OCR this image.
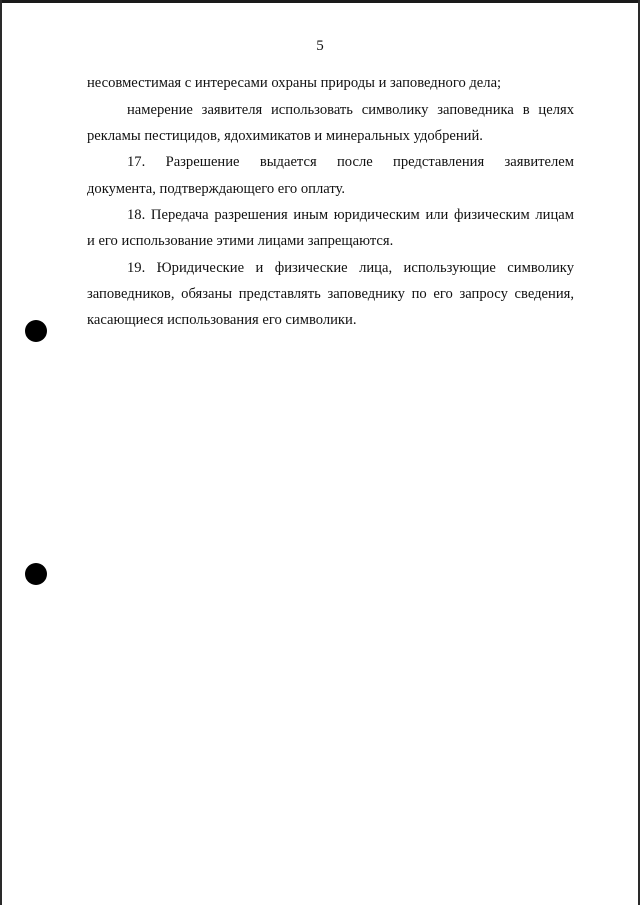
5
несовместимая с интересами охраны природы и заповедного дела;
намерение заявителя использовать символику заповедника в целях
рекламы пестицидов, ядохимикатов и минеральных удобрений.
17. Разрешение выдается после представления заявителем
документа, подтверждающего его оплату.
18. Передача разрешения иным юридическим или физическим лицам
и его использование этими лицами запрещаются.
19. Юридические и физические лица, использующие символику
заповедников, обязаны представлять заповеднику по его запросу сведения,
касающиеся использования его символики.
